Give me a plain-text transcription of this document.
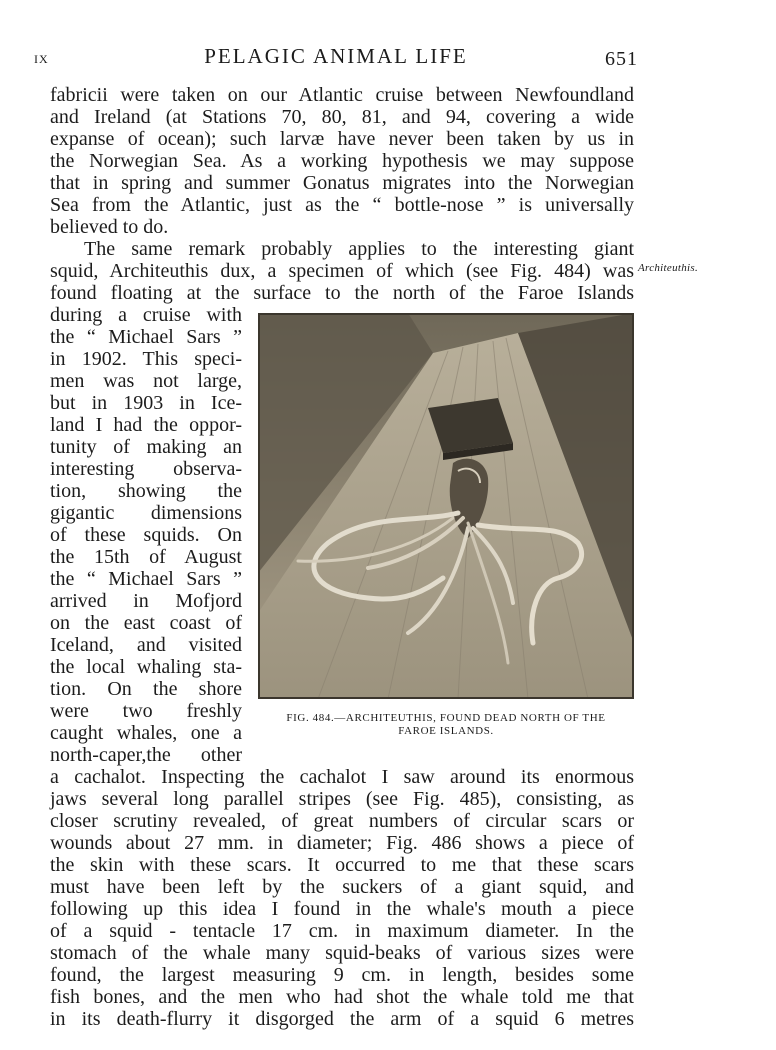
IX	PELAGIC ANIMAL LIFE	651
fabricii were taken on our Atlantic cruise between Newfoundland
and Ireland (at Stations 70, 80, 81, and 94, covering a wide
expanse of ocean); such larvæ have never been taken by us in
the Norwegian Sea. As a working hypothesis we may suppose
that in spring and summer Gonatus migrates into the Norwegian
Sea from the Atlantic, just as the “ bottle-nose ” is universally
believed to do.
The same remark probably applies to the interesting giant
squid, Architeuthis dux, a specimen of which (see Fig. 484) was
found floating at the surface to the north of the Faroe Islands
Architeuthis.
during a cruise with
the “ Michael Sars ”
in 1902. This speci-
men was not large,
but in 1903 in Ice-
land I had the oppor-
tunity of making an
interesting observa-
tion, showing the
gigantic dimensions
of these squids. On
the 15th of August
the “ Michael Sars ”
arrived in Mofjord
on the east coast of
Iceland, and visited
the local whaling sta-
tion. On the shore
were two freshly
caught whales, one a
north-caper,the other
FIG. 484.—ARCHITEUTHIS, FOUND DEAD NORTH OF THE
FAROE ISLANDS.
a cachalot. Inspecting the cachalot I saw around its enormous
jaws several long parallel stripes (see Fig. 485), consisting, as
closer scrutiny revealed, of great numbers of circular scars or
wounds about 27 mm. in diameter; Fig. 486 shows a piece of
the skin with these scars. It occurred to me that these scars
must have been left by the suckers of a giant squid, and
following up this idea I found in the whale's mouth a piece
of a squid - tentacle 17 cm. in maximum diameter. In the
stomach of the whale many squid-beaks of various sizes were
found, the largest measuring 9 cm. in length, besides some
fish bones, and the men who had shot the whale told me that
in its death-flurry it disgorged the arm of a squid 6 metres
